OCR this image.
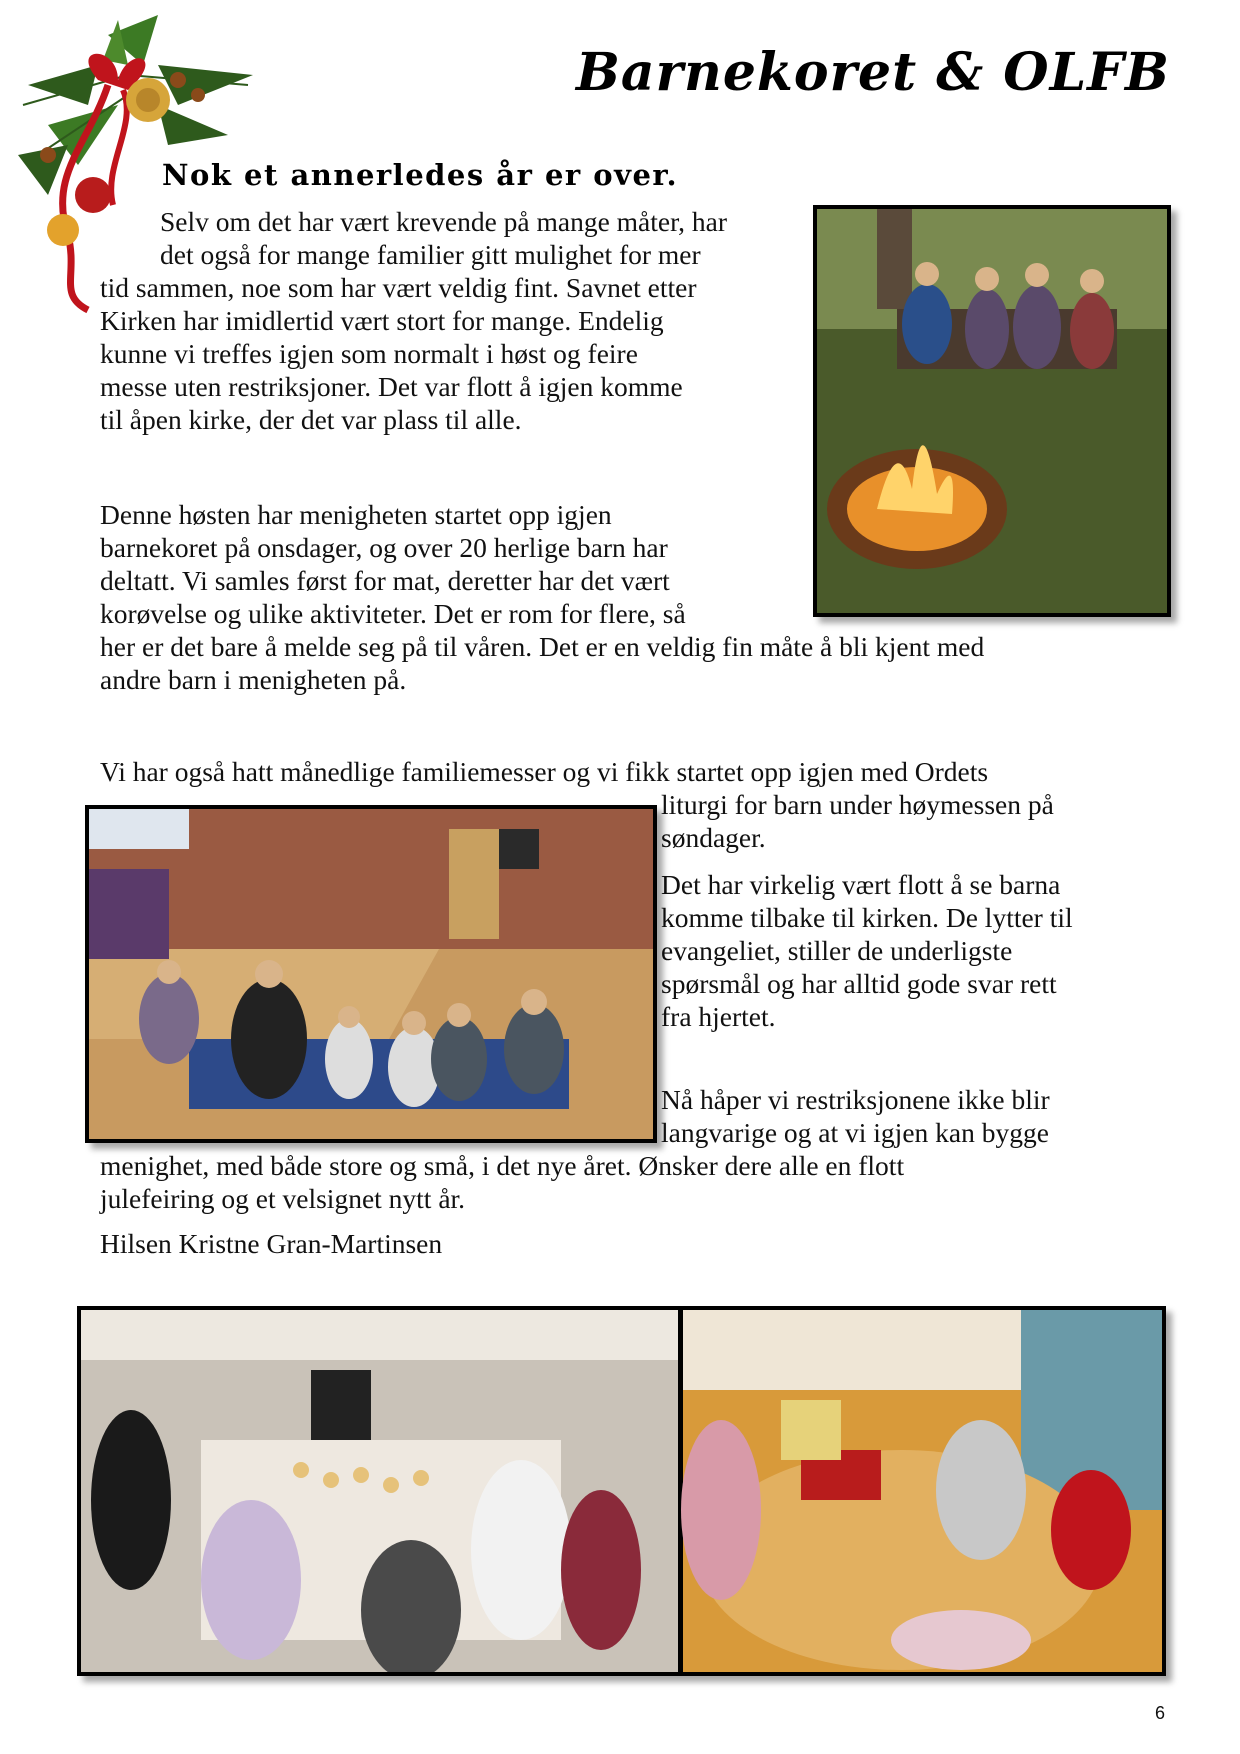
Barnekoret & OLFB
Nok et annerledes år er over.
Selv om det har vært krevende på mange måter, har
det også for mange familier gitt mulighet for mer
tid sammen, noe som har vært veldig fint. Savnet etter
Kirken har imidlertid vært stort for mange. Endelig
kunne vi treffes igjen som normalt i høst og feire
messe uten restriksjoner. Det var flott å igjen komme
til åpen kirke, der det var plass til alle.
Denne høsten har menigheten startet opp igjen
barnekoret på onsdager, og over 20 herlige barn har
deltatt. Vi samles først for mat, deretter har det vært
korøvelse og ulike aktiviteter. Det er rom for flere, så
her er det bare å melde seg på til våren. Det er en veldig fin måte å bli kjent med
andre barn i menigheten på.
Vi har også hatt månedlige familiemesser og vi fikk startet opp igjen med Ordets
liturgi for barn under høymessen på
søndager.
Det har virkelig vært flott å se barna
komme tilbake til kirken. De lytter til
evangeliet, stiller de underligste
spørsmål og har alltid gode svar rett
fra hjertet.
Nå håper vi restriksjonene ikke blir
langvarige og at vi igjen kan bygge
menighet, med både store og små, i det nye året. Ønsker dere alle en flott
julefeiring og et velsignet nytt år.
Hilsen Kristne Gran-Martinsen
6
